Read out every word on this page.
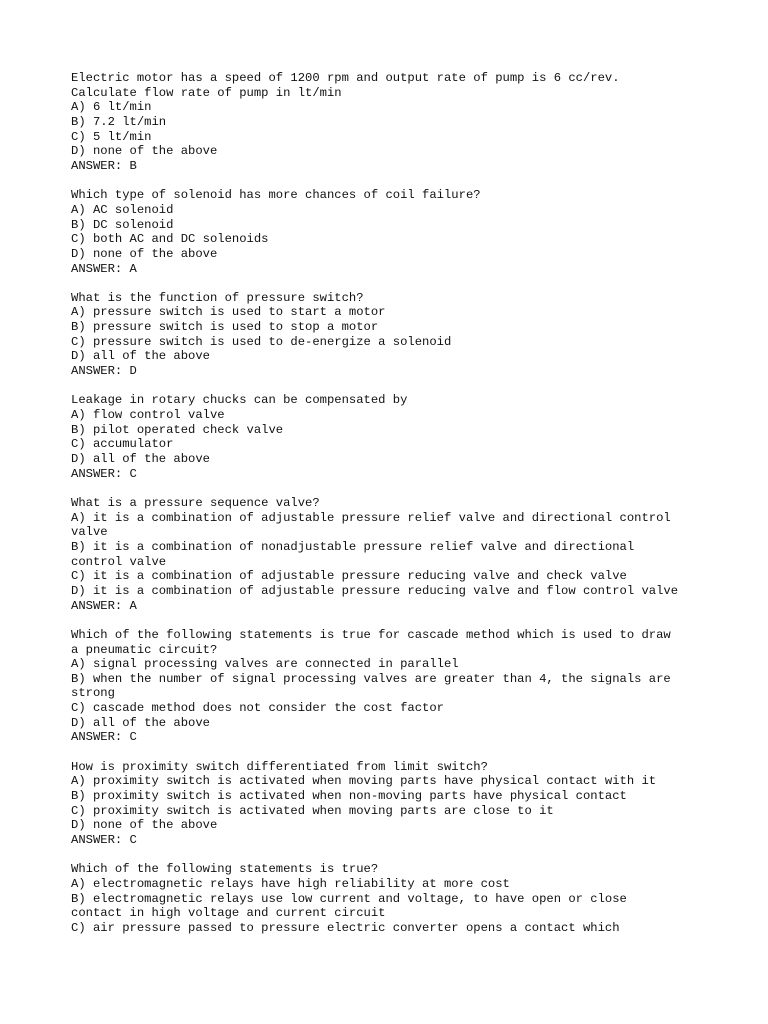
Electric motor has a speed of 1200 rpm and output rate of pump is 6 cc/rev.
Calculate flow rate of pump in lt/min
A) 6 lt/min
B) 7.2 lt/min
C) 5 lt/min
D) none of the above
ANSWER: B
Which type of solenoid has more chances of coil failure?
A) AC solenoid
B) DC solenoid
C) both AC and DC solenoids
D) none of the above
ANSWER: A
What is the function of pressure switch?
A) pressure switch is used to start a motor
B) pressure switch is used to stop a motor
C) pressure switch is used to de-energize a solenoid
D) all of the above
ANSWER: D
Leakage in rotary chucks can be compensated by
A) flow control valve
B) pilot operated check valve
C) accumulator
D) all of the above
ANSWER: C
What is a pressure sequence valve?
A) it is a combination of adjustable pressure relief valve and directional control
valve
B) it is a combination of nonadjustable pressure relief valve and directional
control valve
C) it is a combination of adjustable pressure reducing valve and check valve
D) it is a combination of adjustable pressure reducing valve and flow control valve
ANSWER: A
Which of the following statements is true for cascade method which is used to draw
a pneumatic circuit?
A) signal processing valves are connected in parallel
B) when the number of signal processing valves are greater than 4, the signals are
strong
C) cascade method does not consider the cost factor
D) all of the above
ANSWER: C
How is proximity switch differentiated from limit switch?
A) proximity switch is activated when moving parts have physical contact with it
B) proximity switch is activated when non-moving parts have physical contact
C) proximity switch is activated when moving parts are close to it
D) none of the above
ANSWER: C
Which of the following statements is true?
A) electromagnetic relays have high reliability at more cost
B) electromagnetic relays use low current and voltage, to have open or close
contact in high voltage and current circuit
C) air pressure passed to pressure electric converter opens a contact which
